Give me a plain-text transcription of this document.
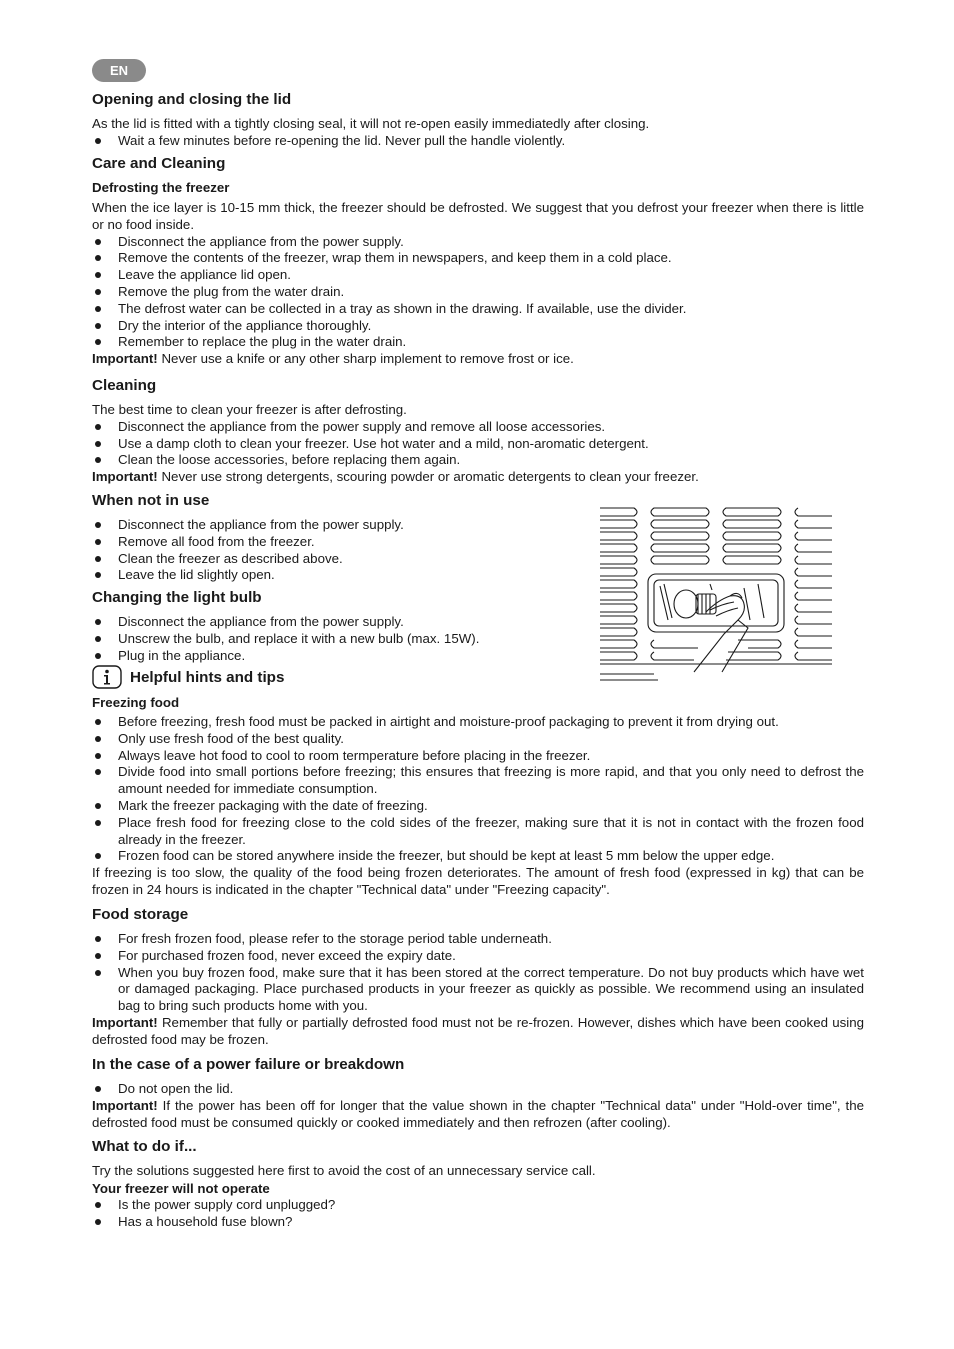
EN
Opening and closing the lid

As the lid is fitted with a tightly closing seal, it will not re-open easily immediatedly after closing.

Wait a few minutes before re-opening the lid. Never pull the handle violently.
Care and Cleaning
Defrosting the freezer

When the ice layer is 10-15 mm thick, the freezer should be defrosted. We suggest that you defrost your freezer when there is little or no food inside.

Disconnect the appliance from the power supply.
Remove the contents of the freezer, wrap them in newspapers, and keep them in a cold place.
Leave the appliance lid open.
Remove the plug from the water drain.
The defrost water can be collected in a tray as shown in the drawing. If available, use the divider.
Dry the interior of the appliance thoroughly.
Remember to replace the plug in the water drain.

Important! Never use a knife or any other sharp implement to remove frost or ice.

Cleaning

The best time to clean your freezer is after defrosting.

Disconnect the appliance from the power supply and remove all loose accessories.
Use a damp cloth to clean your freezer. Use hot water and a mild, non-aromatic detergent.
Clean the loose accessories, before replacing them again.

Important! Never use strong detergents, scouring powder or aromatic detergents to clean your freezer.

When not in use
Disconnect the appliance from the power supply.
Remove all food from the freezer.
Clean the freezer as described above.
Leave the lid slightly open.
Changing the light bulb
Disconnect the appliance from the power supply.
Unscrew the bulb, and replace it with a new bulb (max. 15W).
Plug in the appliance.
Helpful hints and tips
Freezing food
Before freezing, fresh food must be packed in airtight and moisture-proof packaging to prevent it from drying out.
Only use fresh food of the best quality.
Always leave hot food to cool to room termperature before placing in the freezer.
Divide food into small portions before freezing; this ensures that freezing is more rapid, and that you only need to defrost the amount needed for immediate consumption.
Mark the freezer packaging with the date of freezing.
Place fresh food for freezing close to the cold sides of the freezer, making sure that it is not in contact with the frozen food already in the freezer.
Frozen food can be stored anywhere inside the freezer, but should be kept at least 5 mm below the upper edge.

If freezing is too slow, the quality of the food being frozen deteriorates. The amount of fresh food (expressed in kg) that can be frozen in 24 hours is indicated in the chapter "Technical data" under "Freezing capacity".

Food storage
For fresh frozen food, please refer to the storage period table underneath.
For purchased frozen food, never exceed the expiry date.
When you buy frozen food, make sure that it has been stored at the correct temperature. Do not buy products which have wet or damaged packaging. Place purchased products in your freezer as quickly as possible. We recommend using an insulated bag to bring such products home with you.

Important! Remember that fully or partially defrosted food must not be re-frozen. However, dishes which have been cooked using defrosted food may be frozen.

In the case of a power failure or breakdown
Do not open the lid.

Important! If the power has been off for longer that the value shown in the chapter "Technical data" under "Hold-over time", the defrosted food must be consumed quickly or cooked immediately and then refrozen (after cooling).

What to do if...

Try the solutions suggested here first to avoid the cost of an unnecessary service call.

Your freezer will not operate
Is the power supply cord unplugged?
Has a household fuse blown?
